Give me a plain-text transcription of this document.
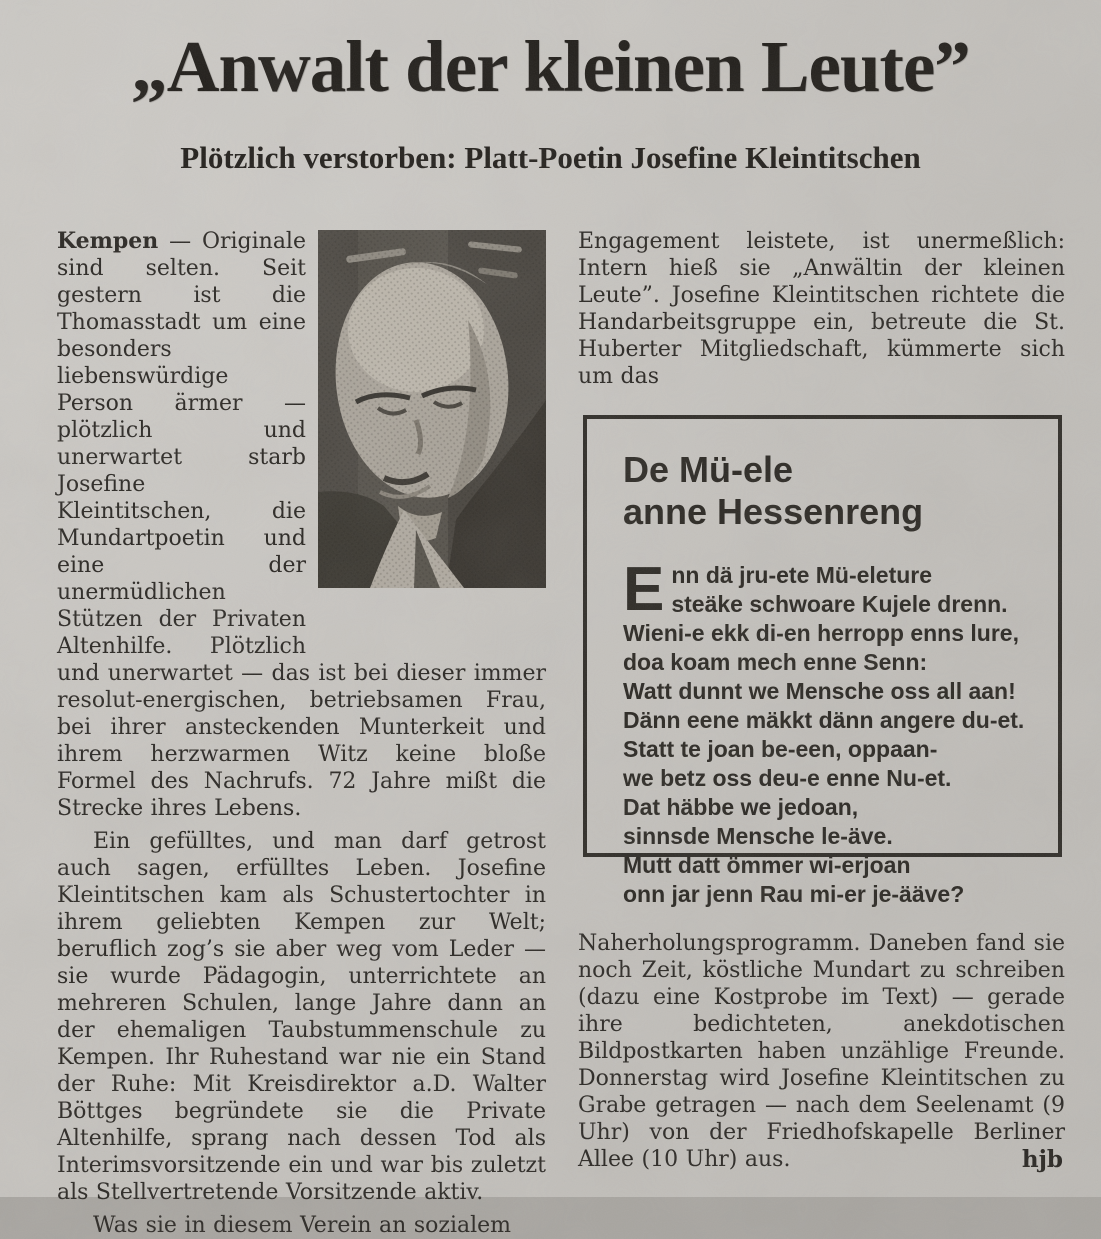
„Anwalt der kleinen Leute”
Plötzlich verstorben: Platt-Poetin Josefine Kleintitschen

Kempen — Originale sind selten. Seit gestern ist die Thomasstadt um eine besonders liebenswürdige Person ärmer — plötzlich und unerwartet starb Josefine Kleintitschen, die Mundartpoetin und eine der unermüdlichen Stützen der Privaten Altenhilfe. Plötzlich und unerwartet — das ist bei dieser immer resolut-energischen, betriebsamen Frau, bei ihrer ansteckenden Munterkeit und ihrem herzwarmen Witz keine bloße Formel des Nachrufs. 72 Jahre mißt die Strecke ihres Lebens.

Ein gefülltes, und man darf getrost auch sagen, erfülltes Leben. Josefine Kleintitschen kam als Schustertochter in ihrem geliebten Kempen zur Welt; beruflich zog’s sie aber weg vom Leder — sie wurde Pädagogin, unterrichtete an mehreren Schulen, lange Jahre dann an der ehemaligen Taubstummenschule zu Kempen. Ihr Ruhestand war nie ein Stand der Ruhe: Mit Kreisdirektor a.D. Walter Böttges begründete sie die Private Altenhilfe, sprang nach dessen Tod als Interimsvorsitzende ein und war bis zuletzt als Stellvertretende Vorsitzende aktiv.

Was sie in diesem Verein an sozialem

Engagement leistete, ist unermeßlich: Intern hieß sie „Anwältin der kleinen Leute”. Josefine Kleintitschen richtete die Handarbeitsgruppe ein, betreute die St. Huberter Mitgliedschaft, kümmerte sich um das

De Mü-ele
anne Hessenreng
E nn dä jru-ete Mü-eleture
steäke schwoare Kujele drenn.
Wieni-e ekk di-en herropp enns lure,
doa koam mech enne Senn:
Watt dunnt we Mensche oss all aan!
Dänn eene mäkkt dänn angere du-et.
Statt te joan be-een, oppaan-
we betz oss deu-e enne Nu-et.
Dat häbbe we jedoan,
sinnsde Mensche le-äve.
Mutt datt ömmer wi-erjoan
onn jar jenn Rau mi-er je-ääve?

Naherholungsprogramm. Daneben fand sie noch Zeit, köstliche Mundart zu schreiben (dazu eine Kostprobe im Text) — gerade ihre bedichteten, anekdotischen Bildpostkarten haben unzählige Freunde. Donnerstag wird Josefine Kleintitschen zu Grabe getragen — nach dem Seelenamt (9 Uhr) von der Friedhofskapelle Berliner Allee (10 Uhr) aus.	hjb
